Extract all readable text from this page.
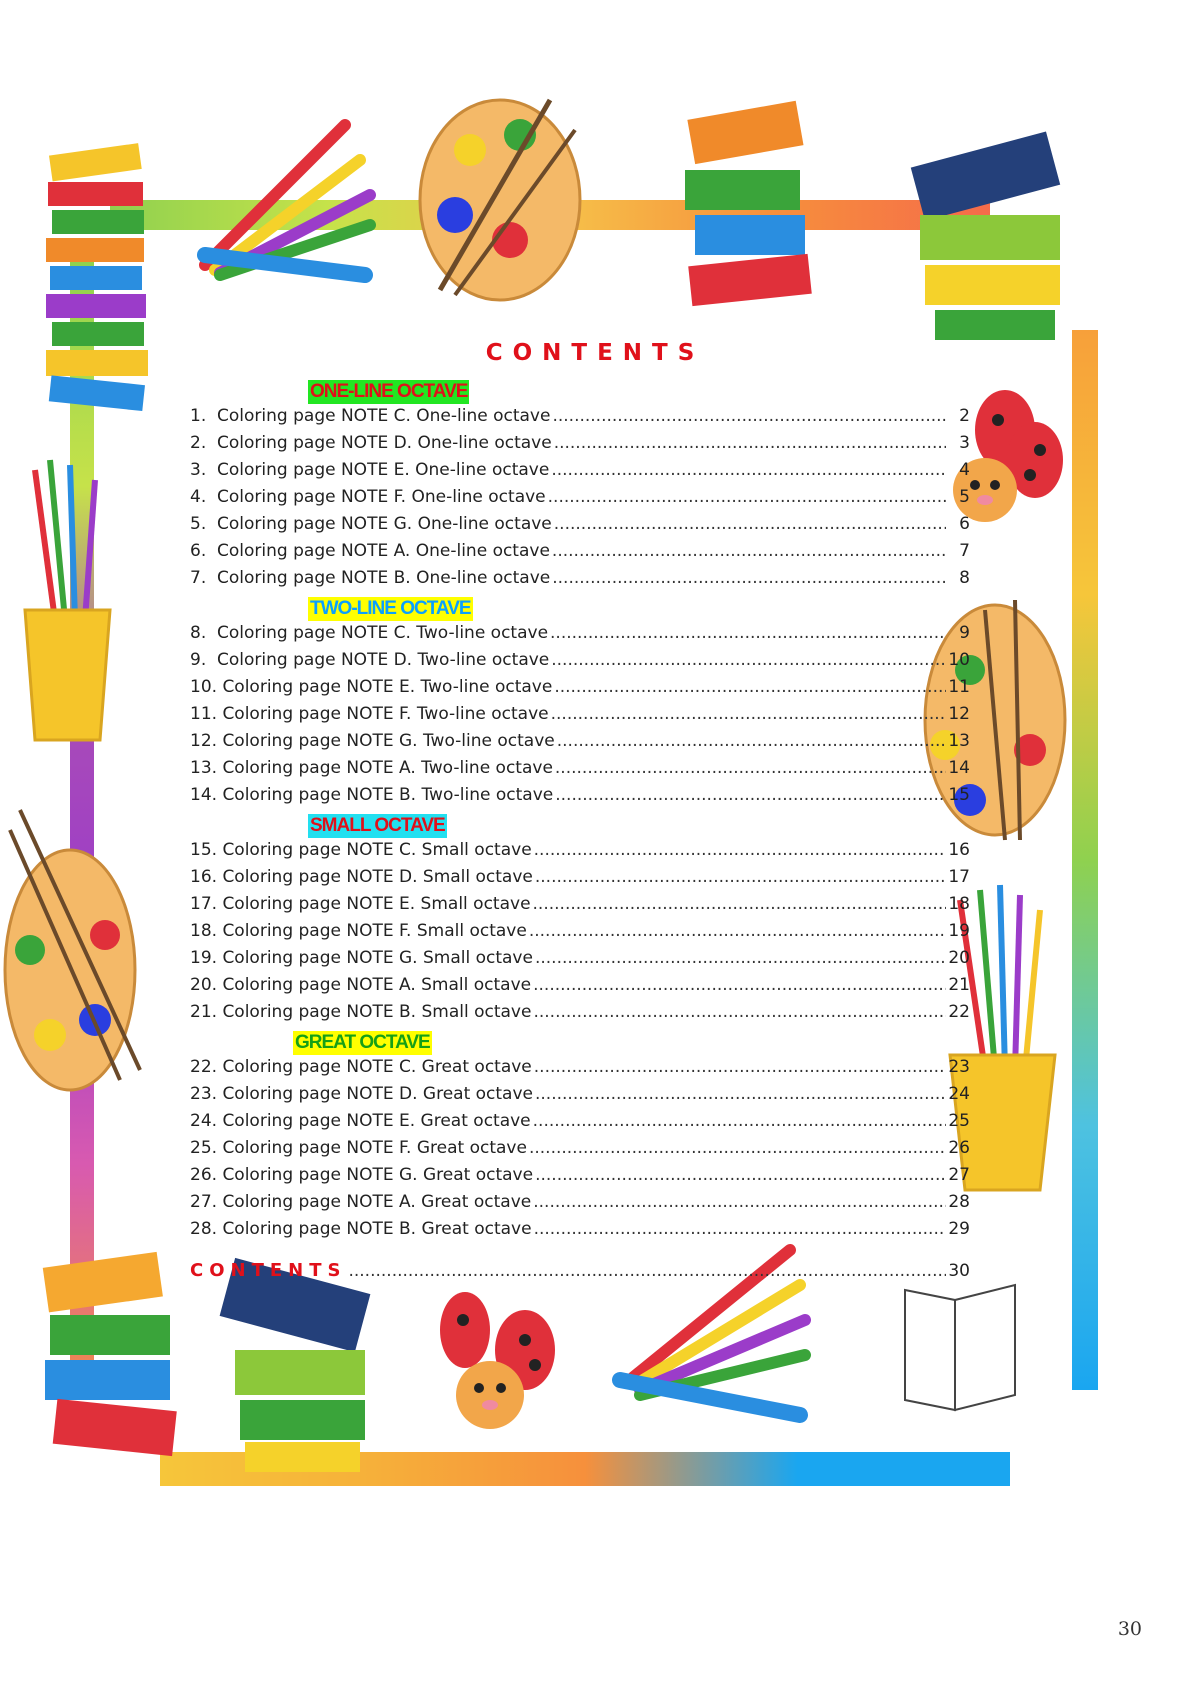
CONTENTS
ONE-LINE OCTAVE
1.  Coloring page NOTE C. One-line octave .....	2
2.  Coloring page NOTE D. One-line octave .....	3
3.  Coloring page NOTE E. One-line octave .....	4
4.  Coloring page NOTE F. One-line octave .....	5
5.  Coloring page NOTE G. One-line octave .....	6
6.  Coloring page NOTE A. One-line octave .....	7
7.  Coloring page NOTE B. One-line octave .....	8
TWO-LINE OCTAVE
8.  Coloring page NOTE C. Two-line octave .....	9
9.  Coloring page NOTE D. Two-line octave .....	10
10. Coloring page NOTE E. Two-line octave .....	11
11. Coloring page NOTE F. Two-line octave .....	12
12. Coloring page NOTE G. Two-line octave .....	13
13. Coloring page NOTE A. Two-line octave .....	14
14. Coloring page NOTE B. Two-line octave .....	15
SMALL OCTAVE
15. Coloring page NOTE C. Small octave .....	16
16. Coloring page NOTE D. Small octave .....	17
17. Coloring page NOTE E. Small octave .....	18
18. Coloring page NOTE F. Small octave .....	19
19. Coloring page NOTE G. Small octave .....	20
20. Coloring page NOTE A. Small octave .....	21
21. Coloring page NOTE B. Small octave .....	22
GREAT OCTAVE
22. Coloring page NOTE C. Great octave .....	23
23. Coloring page NOTE D. Great octave .....	24
24. Coloring page NOTE E. Great octave .....	25
25. Coloring page NOTE F. Great octave .....	26
26. Coloring page NOTE G. Great octave .....	27
27. Coloring page NOTE A. Great octave .....	28
28. Coloring page NOTE B. Great octave .....	29
CONTENTS .....	30
30
